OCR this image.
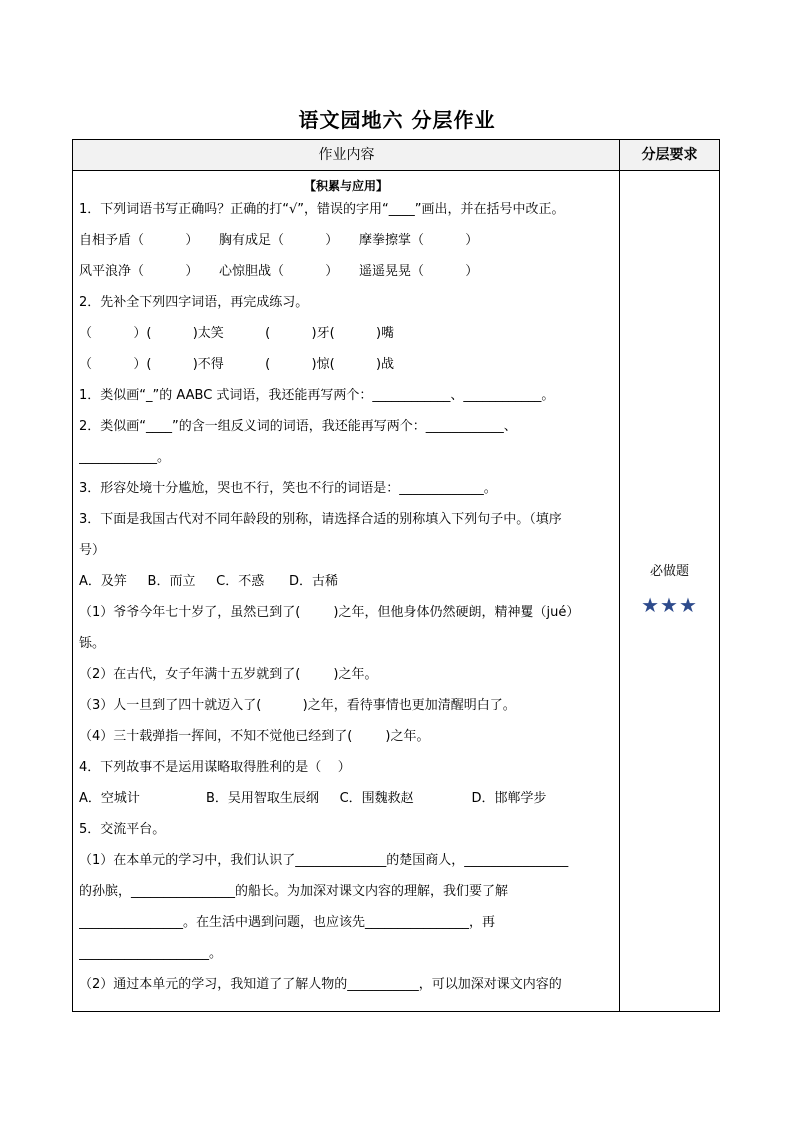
语文园地六 分层作业
作业内容	分层要求
【积累与应用】
1．下列词语书写正确吗？正确的打“√”，错误的字用“____”画出，并在括号中改正。
自相予盾（          ）     胸有成足（          ）     摩拳擦掌（          ）
风平浪净（          ）     心惊胆战（          ）     遥遥晃晃（          ）
2．先补全下列四字词语，再完成练习。
（          ）(          )太笑          (          )牙(          )嘴
（          ）(          )不得          (          )惊(          )战
1．类似画“_”的 AABC 式词语，我还能再写两个：____________、____________。
2．类似画“____”的含一组反义词的词语，我还能再写两个：____________、
____________。
3．形容处境十分尴尬，哭也不行，笑也不行的词语是：_____________。
3．下面是我国古代对不同年龄段的别称，请选择合适的别称填入下列句子中。（填序
号）
A．及笄     B．而立     C．不惑      D．古稀
（1）爷爷今年七十岁了，虽然已到了(        )之年，但他身体仍然硬朗，精神矍（jué）
铄。
（2）在古代，女子年满十五岁就到了(        )之年。
（3）人一旦到了四十就迈入了(          )之年，看待事情也更加清醒明白了。
（4）三十载弹指一挥间，不知不觉他已经到了(        )之年。
4．下列故事不是运用谋略取得胜利的是（    ）
A．空城计                B．吴用智取生辰纲     C．围魏救赵              D．邯郸学步
5．交流平台。
（1）在本单元的学习中，我们认识了______________的楚国商人，________________
的孙膑，________________的船长。为加深对课文内容的理解，我们要了解
________________。在生活中遇到问题，也应该先________________，再
____________________。
（2）通过本单元的学习，我知道了了解人物的___________，可以加深对课文内容的
必做题
★★★
